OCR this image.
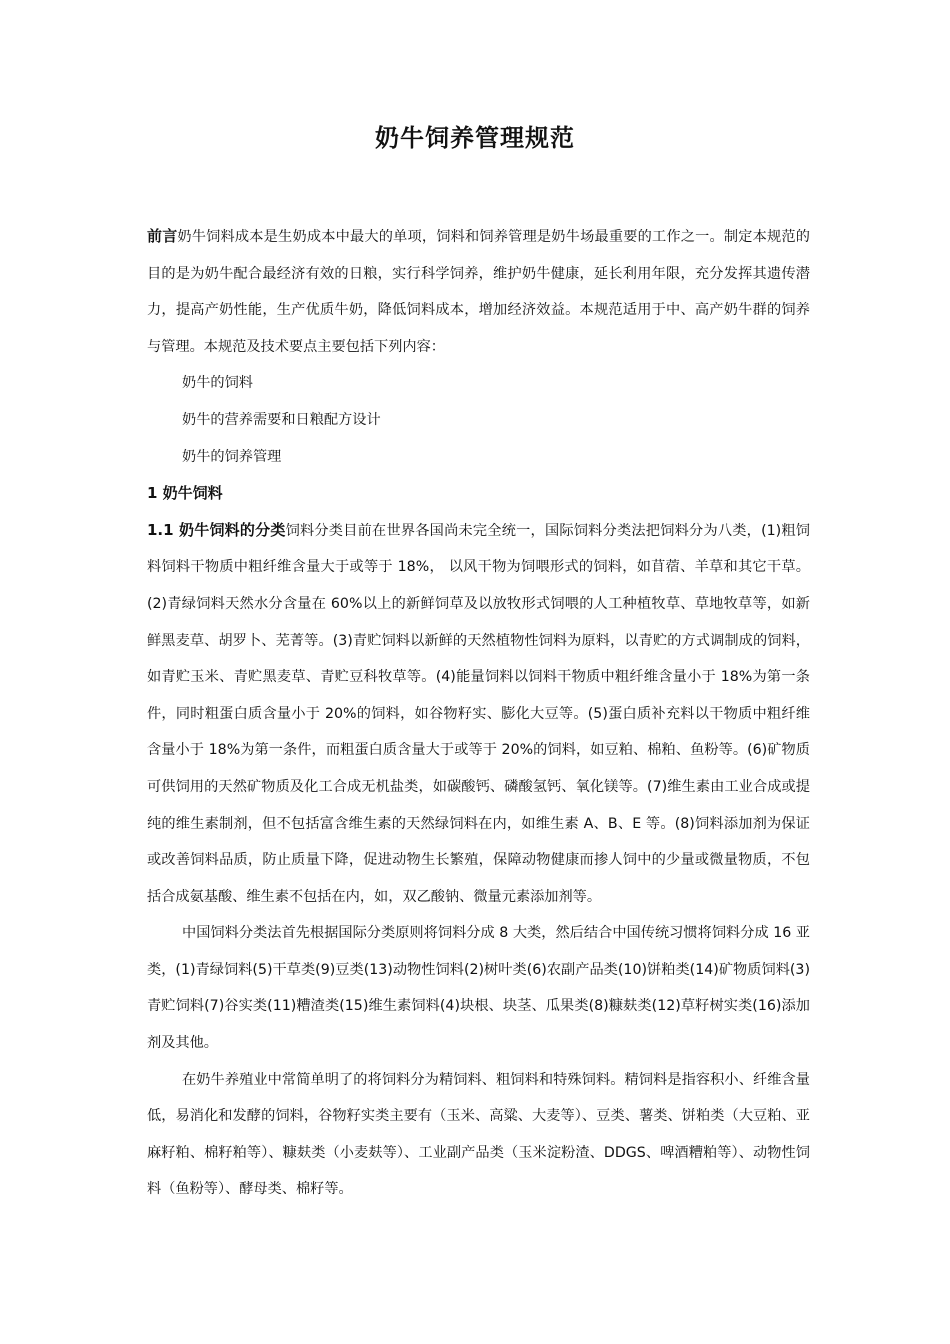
奶牛饲养管理规范

前言奶牛饲料成本是生奶成本中最大的单项，饲料和饲养管理是奶牛场最重要的工作之一。制定本规范的目的是为奶牛配合最经济有效的日粮，实行科学饲养，维护奶牛健康，延长利用年限，充分发挥其遗传潜力，提高产奶性能，生产优质牛奶，降低饲料成本，增加经济效益。本规范适用于中、高产奶牛群的饲养与管理。本规范及技术要点主要包括下列内容：

奶牛的饲料

奶牛的营养需要和日粮配方设计

奶牛的饲养管理

1 奶牛饲料

1.1 奶牛饲料的分类饲料分类目前在世界各国尚未完全统一，国际饲料分类法把饲料分为八类，(1)粗饲料饲料干物质中粗纤维含量大于或等于 18%， 以风干物为饲喂形式的饲料，如苜蓿、羊草和其它干草。(2)青绿饲料天然水分含量在 60%以上的新鲜饲草及以放牧形式饲喂的人工种植牧草、草地牧草等，如新鲜黑麦草、胡罗卜、芜菁等。(3)青贮饲料以新鲜的天然植物性饲料为原料，以青贮的方式调制成的饲料，如青贮玉米、青贮黑麦草、青贮豆科牧草等。(4)能量饲料以饲料干物质中粗纤维含量小于 18%为第一条件，同时粗蛋白质含量小于 20%的饲料，如谷物籽实、膨化大豆等。(5)蛋白质补充料以干物质中粗纤维含量小于 18%为第一条件，而粗蛋白质含量大于或等于 20%的饲料，如豆粕、棉粕、鱼粉等。(6)矿物质可供饲用的天然矿物质及化工合成无机盐类，如碳酸钙、磷酸氢钙、氧化镁等。(7)维生素由工业合成或提纯的维生素制剂，但不包括富含维生素的天然绿饲料在内，如维生素 A、B、E 等。(8)饲料添加剂为保证或改善饲料品质，防止质量下降，促进动物生长繁殖，保障动物健康而掺人饲中的少量或微量物质，不包括合成氨基酸、维生素不包括在内，如，双乙酸钠、微量元素添加剂等。

中国饲料分类法首先根据国际分类原则将饲料分成 8 大类，然后结合中国传统习惯将饲料分成 16 亚类，(1)青绿饲料(5)干草类(9)豆类(13)动物性饲料(2)树叶类(6)农副产品类(10)饼粕类(14)矿物质饲料(3)青贮饲料(7)谷实类(11)糟渣类(15)维生素饲料(4)块根、块茎、瓜果类(8)糠麸类(12)草籽树实类(16)添加剂及其他。

在奶牛养殖业中常简单明了的将饲料分为精饲料、粗饲料和特殊饲料。精饲料是指容积小、纤维含量低，易消化和发酵的饲料，谷物籽实类主要有（玉米、高粱、大麦等）、豆类、薯类、饼粕类（大豆粕、亚麻籽粕、棉籽粕等）、糠麸类（小麦麸等）、工业副产品类（玉米淀粉渣、DDGS、啤酒糟粕等）、动物性饲料（鱼粉等）、酵母类、棉籽等。
